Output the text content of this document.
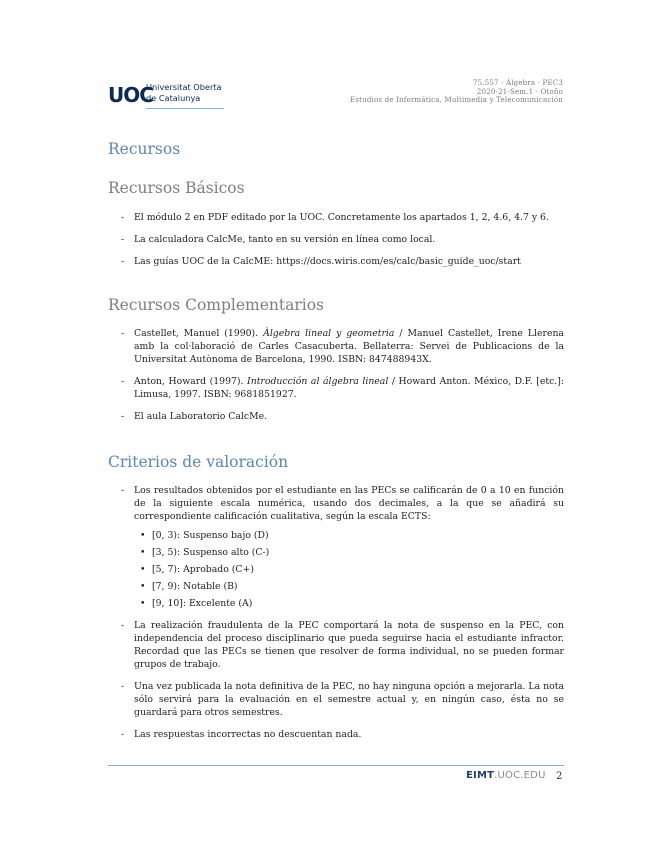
UOC
Universitat Oberta
de Catalunya
75.557 · Álgebra · PEC3
2020-21-Sem.1 · Otoño
Estudios de Informática, Multimedia y Telecomunicación
Recursos
Recursos Básicos
- El módulo 2 en PDF editado por la UOC. Concretamente los apartados 1, 2, 4.6, 4.7 y 6.
- La calculadora CalcMe, tanto en su versión en línea como local.
- Las guías UOC de la CalcME: https://docs.wiris.com/es/calc/basic_guide_uoc/start
Recursos Complementarios
- Castellet, Manuel (1990). Àlgebra lineal y geometria / Manuel Castellet, Irene Llerena amb la col·laboració de Carles Casacuberta. Bellaterra: Servei de Publicacions de la Universitat Autònoma de Barcelona, 1990. ISBN: 847488943X.
- Anton, Howard (1997). Introducción al álgebra lineal / Howard Anton. México, D.F. [etc.]: Limusa, 1997. ISBN: 9681851927.
- El aula Laboratorio CalcMe.
Criterios de valoración
- Los resultados obtenidos por el estudiante en las PECs se calificarán de 0 a 10 en función de la siguiente escala numérica, usando dos decimales, a la que se añadirá su correspondiente calificación cualitativa, según la escala ECTS:
• [0, 3): Suspenso bajo (D)
• [3, 5): Suspenso alto (C-)
• [5, 7): Aprobado (C+)
• [7, 9): Notable (B)
• [9, 10]: Excelente (A)
- La realización fraudulenta de la PEC comportará la nota de suspenso en la PEC, con independencia del proceso disciplinario que pueda seguirse hacia el estudiante infractor. Recordad que las PECs se tienen que resolver de forma individual, no se pueden formar grupos de trabajo.
- Una vez publicada la nota definitiva de la PEC, no hay ninguna opción a mejorarla. La nota sólo servirá para la evaluación en el semestre actual y, en ningún caso, ésta no se guardará para otros semestres.
- Las respuestas incorrectas no descuentan nada.
EIMT.UOC.EDU 2
